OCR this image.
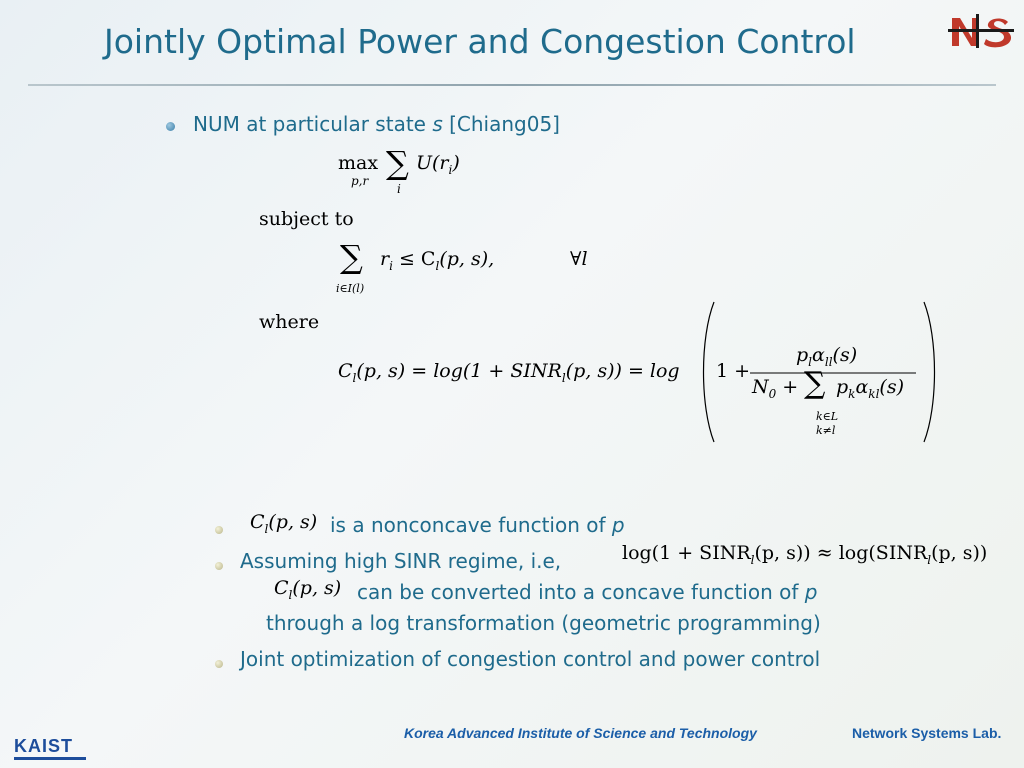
Jointly Optimal Power and Congestion Control
NUM at particular state s [Chiang05]
max
p,r ∑
i
$U(r_i)$
subject to
∑
i∈I(l)
$r_i \le C_l(p$, s),	∀l
where
$C_l(p$, $s) = \log(1 + SINR_l(p$, s)) = log 1 +
$p_l\alpha_{ll}(s)$
$N_0$ + ∑
k∈L
k≠l
$p_k\alpha_{kl}(s)$
$C_l(p$, s) is a nonconcave function of p
Assuming high SINR regime, i.e,	$\log(1 + SINR_l(p$, $s)) \approx \log(SINR_l(p$, s))
$C_l(p$, s) can be converted into a concave function of p
through a log transformation (geometric programming)
Joint optimization of congestion control and power control
KAIST
Korea Advanced Institute of Science and Technology	Network Systems Lab.
